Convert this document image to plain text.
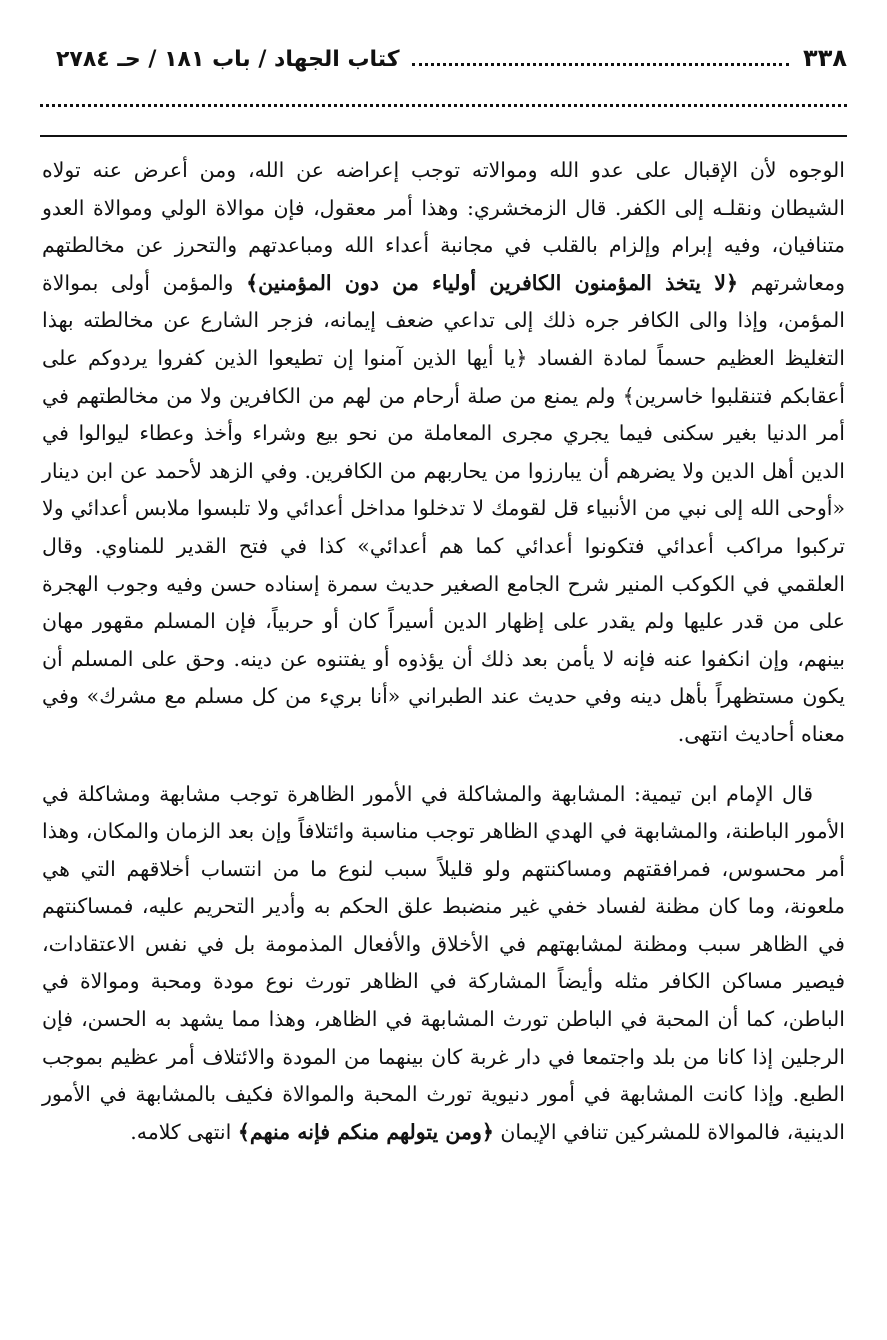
٣٣٨
كتاب الجهاد / باب ١٨١ / حـ ٢٧٨٤

الوجوه لأن الإقبال على عدو الله وموالاته توجب إعراضه عن الله، ومن أعرض عنه تولاه الشيطان ونقلـه إلى الكفر. قال الزمخشري: وهذا أمر معقول، فإن موالاة الولي وموالاة العدو متنافيان، وفيه إبرام وإلزام بالقلب في مجانبة أعداء الله ومباعدتهم والتحرز عن مخالطتهم ومعاشرتهم ﴿لا يتخذ المؤمنون الكافرين أولياء من دون المؤمنين﴾ والمؤمن أولى بموالاة المؤمن، وإذا والى الكافر جره ذلك إلى تداعي ضعف إيمانه، فزجر الشارع عن مخالطته بهذا التغليظ العظيم حسماً لمادة الفساد ﴿يا أيها الذين آمنوا إن تطيعوا الذين كفروا يردوكم على أعقابكم فتنقلبوا خاسرين﴾ ولم يمنع من صلة أرحام من لهم من الكافرين ولا من مخالطتهم في أمر الدنيا بغير سكنى فيما يجري مجرى المعاملة من نحو بيع وشراء وأخذ وعطاء ليوالوا في الدين أهل الدين ولا يضرهم أن يبارزوا من يحاربهم من الكافرين. وفي الزهد لأحمد عن ابن دينار «أوحى الله إلى نبي من الأنبياء قل لقومك لا تدخلوا مداخل أعدائي ولا تلبسوا ملابس أعدائي ولا تركبوا مراكب أعدائي فتكونوا أعدائي كما هم أعدائي» كذا في فتح القدير للمناوي. وقال العلقمي في الكوكب المنير شرح الجامع الصغير حديث سمرة إسناده حسن وفيه وجوب الهجرة على من قدر عليها ولم يقدر على إظهار الدين أسيراً كان أو حربياً، فإن المسلم مقهور مهان بينهم، وإن انكفوا عنه فإنه لا يأمن بعد ذلك أن يؤذوه أو يفتنوه عن دينه. وحق على المسلم أن يكون مستظهراً بأهل دينه وفي حديث عند الطبراني «أنا بريء من كل مسلم مع مشرك» وفي معناه أحاديث انتهى.

قال الإمام ابن تيمية: المشابهة والمشاكلة في الأمور الظاهرة توجب مشابهة ومشاكلة في الأمور الباطنة، والمشابهة في الهدي الظاهر توجب مناسبة وائتلافاً وإن بعد الزمان والمكان، وهذا أمر محسوس، فمرافقتهم ومساكنتهم ولو قليلاً سبب لنوع ما من انتساب أخلاقهم التي هي ملعونة، وما كان مظنة لفساد خفي غير منضبط علق الحكم به وأدير التحريم عليه، فمساكنتهم في الظاهر سبب ومظنة لمشابهتهم في الأخلاق والأفعال المذمومة بل في نفس الاعتقادات، فيصير مساكن الكافر مثله وأيضاً المشاركة في الظاهر تورث نوع مودة ومحبة وموالاة في الباطن، كما أن المحبة في الباطن تورث المشابهة في الظاهر، وهذا مما يشهد به الحسن، فإن الرجلين إذا كانا من بلد واجتمعا في دار غربة كان بينهما من المودة والائتلاف أمر عظيم بموجب الطبع. وإذا كانت المشابهة في أمور دنيوية تورث المحبة والموالاة فكيف بالمشابهة في الأمور الدينية، فالموالاة للمشركين تنافي الإيمان ﴿ومن يتولهم منكم فإنه منهم﴾ انتهى كلامه.
